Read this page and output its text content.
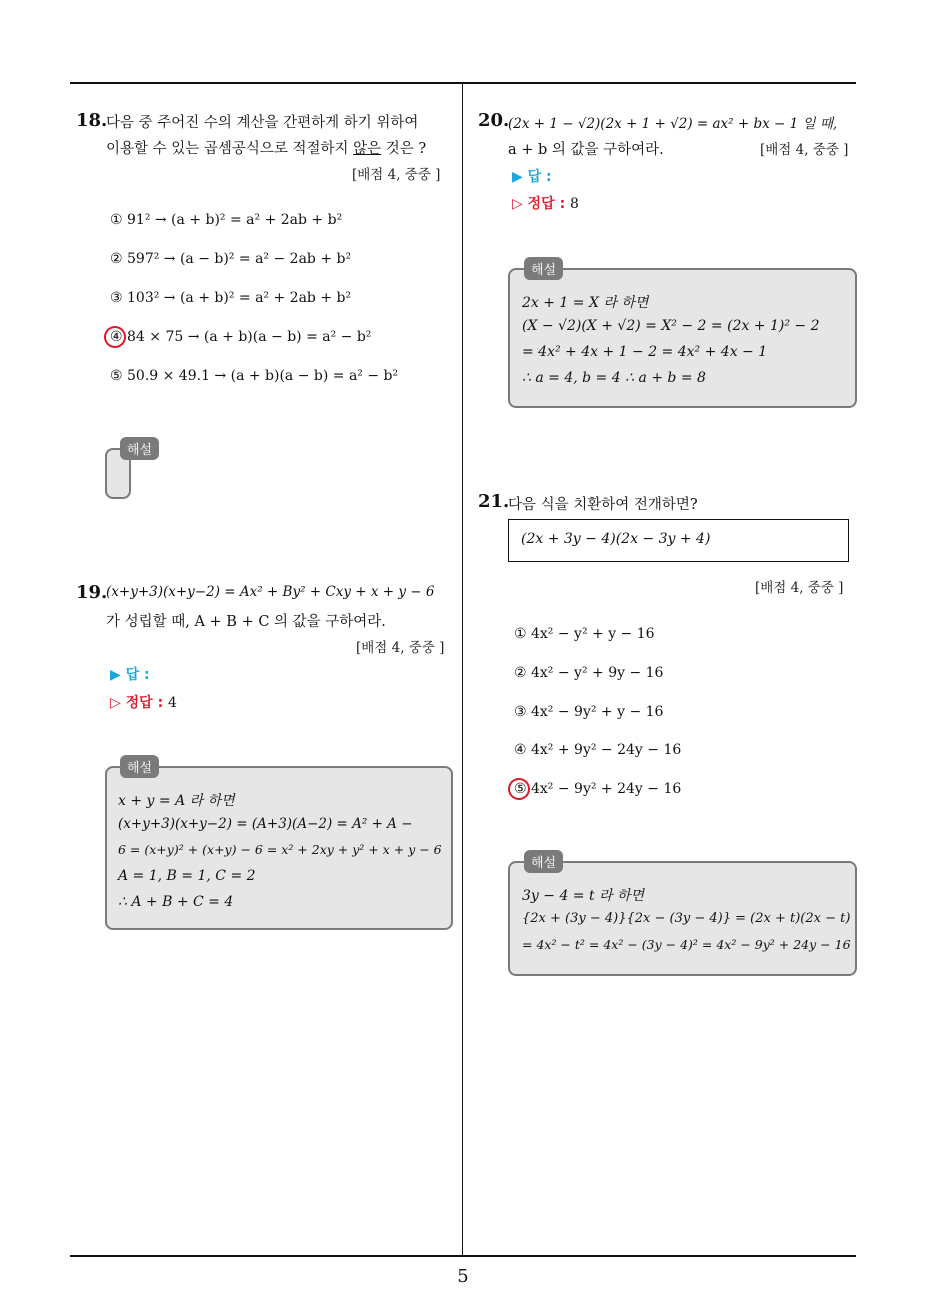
18.
다음 중 주어진 수의 계산을 간편하게 하기 위하여
이용할 수 있는 곱셈공식으로 적절하지 않은 것은 ?
[배점 4, 중중 ]
① 91² → (a + b)² = a² + 2ab + b²
② 597² → (a − b)² = a² − 2ab + b²
③ 103² → (a + b)² = a² + 2ab + b²
④ 84 × 75 → (a + b)(a − b) = a² − b²
⑤ 50.9 × 49.1 → (a + b)(a − b) = a² − b²
해설
19.
(x+y+3)(x+y−2) = Ax² + By² + Cxy + x + y − 6
가 성립할 때, A + B + C 의 값을 구하여라.
[배점 4, 중중 ]
▶ 답 :
▷ 정답 : 4
x + y = A 라 하면
(x+y+3)(x+y−2) = (A+3)(A−2) = A² + A −
6 = (x+y)² + (x+y) − 6 = x² + 2xy + y² + x + y − 6
A = 1, B = 1, C = 2
∴ A + B + C = 4
해설
20.
(2x + 1 − √2)(2x + 1 + √2) = ax² + bx − 1 일 때,
a + b 의 값을 구하여라.	[배점 4, 중중 ]
▶ 답 :
▷ 정답 : 8
2x + 1 = X 라 하면
(X − √2)(X + √2) = X² − 2 = (2x + 1)² − 2
= 4x² + 4x + 1 − 2 = 4x² + 4x − 1
∴ a = 4, b = 4 ∴ a + b = 8
해설
21.
다음 식을 치환하여 전개하면?
(2x + 3y − 4)(2x − 3y + 4)
[배점 4, 중중 ]
① 4x² − y² + y − 16
② 4x² − y² + 9y − 16
③ 4x² − 9y² + y − 16
④ 4x² + 9y² − 24y − 16
⑤ 4x² − 9y² + 24y − 16
3y − 4 = t 라 하면
{2x + (3y − 4)}{2x − (3y − 4)} = (2x + t)(2x − t)
= 4x² − t² = 4x² − (3y − 4)² = 4x² − 9y² + 24y − 16
해설
5
